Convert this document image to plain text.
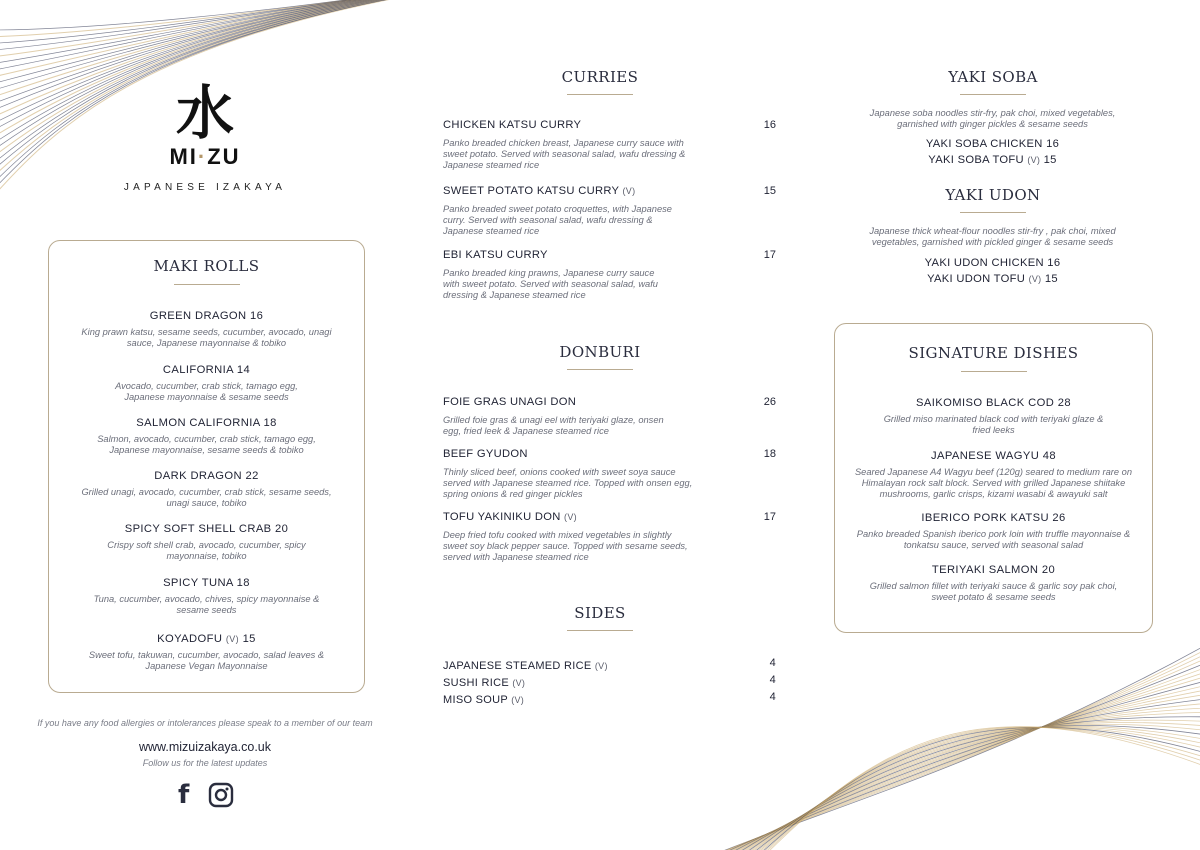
水
MI·ZU
JAPANESE IZAKAYA
MAKI ROLLS
GREEN DRAGON 16
King prawn katsu, sesame seeds, cucumber, avocado, unagi sauce, Japanese mayonnaise & tobiko
CALIFORNIA 14
Avocado, cucumber, crab stick, tamago egg, Japanese mayonnaise & sesame seeds
SALMON CALIFORNIA 18
Salmon, avocado, cucumber, crab stick, tamago egg, Japanese mayonnaise, sesame seeds & tobiko
DARK DRAGON 22
Grilled unagi, avocado, cucumber, crab stick, sesame seeds, unagi sauce, tobiko
SPICY SOFT SHELL CRAB 20
Crispy soft shell crab, avocado, cucumber, spicy mayonnaise, tobiko
SPICY TUNA 18
Tuna, cucumber, avocado, chives, spicy mayonnaise & sesame seeds
KOYADOFU (V) 15
Sweet tofu, takuwan, cucumber, avocado, salad leaves & Japanese Vegan Mayonnaise
If you have any food allergies or intolerances please speak to a member of our team
www.mizuizakaya.co.uk
Follow us for the latest updates
f
CURRIES
CHICKEN KATSU CURRY	16
Panko breaded chicken breast, Japanese curry sauce with sweet potato. Served with seasonal salad, wafu dressing & Japanese steamed rice
SWEET POTATO KATSU CURRY (V)	15
Panko breaded sweet potato croquettes, with Japanese curry. Served with seasonal salad, wafu dressing & Japanese steamed rice
EBI KATSU CURRY	17
Panko breaded king prawns, Japanese curry sauce with sweet potato. Served with seasonal salad, wafu dressing & Japanese steamed rice
DONBURI
FOIE GRAS UNAGI DON	26
Grilled foie gras & unagi eel with teriyaki glaze, onsen egg, fried leek & Japanese steamed rice
BEEF GYUDON	18
Thinly sliced beef, onions cooked with sweet soya sauce served with Japanese steamed rice. Topped with onsen egg, spring onions & red ginger pickles
TOFU YAKINIKU DON (V)	17
Deep fried tofu cooked with mixed vegetables in slightly sweet soy black pepper sauce. Topped with sesame seeds, served with Japanese steamed rice
SIDES
JAPANESE STEAMED RICE (V)	4
SUSHI RICE (V)	4
MISO SOUP (V)	4
YAKI SOBA
Japanese soba noodles stir-fry, pak choi, mixed vegetables, garnished with ginger pickles & sesame seeds
YAKI SOBA CHICKEN 16
YAKI SOBA TOFU (V) 15
YAKI UDON
Japanese thick wheat-flour noodles stir-fry , pak choi, mixed vegetables, garnished with pickled ginger & sesame seeds
YAKI UDON CHICKEN 16
YAKI UDON TOFU (V) 15
SIGNATURE DISHES
SAIKOMISO BLACK COD 28
Grilled miso marinated black cod with teriyaki glaze & fried leeks
JAPANESE WAGYU 48
Seared Japanese A4 Wagyu beef (120g) seared to medium rare on Himalayan rock salt block. Served with grilled Japanese shiitake mushrooms, garlic crisps, kizami wasabi & awayuki salt
IBERICO PORK KATSU 26
Panko breaded Spanish iberico pork loin with truffle mayonnaise & tonkatsu sauce, served with seasonal salad
TERIYAKI SALMON 20
Grilled salmon fillet with teriyaki sauce & garlic soy pak choi, sweet potato & sesame seeds
